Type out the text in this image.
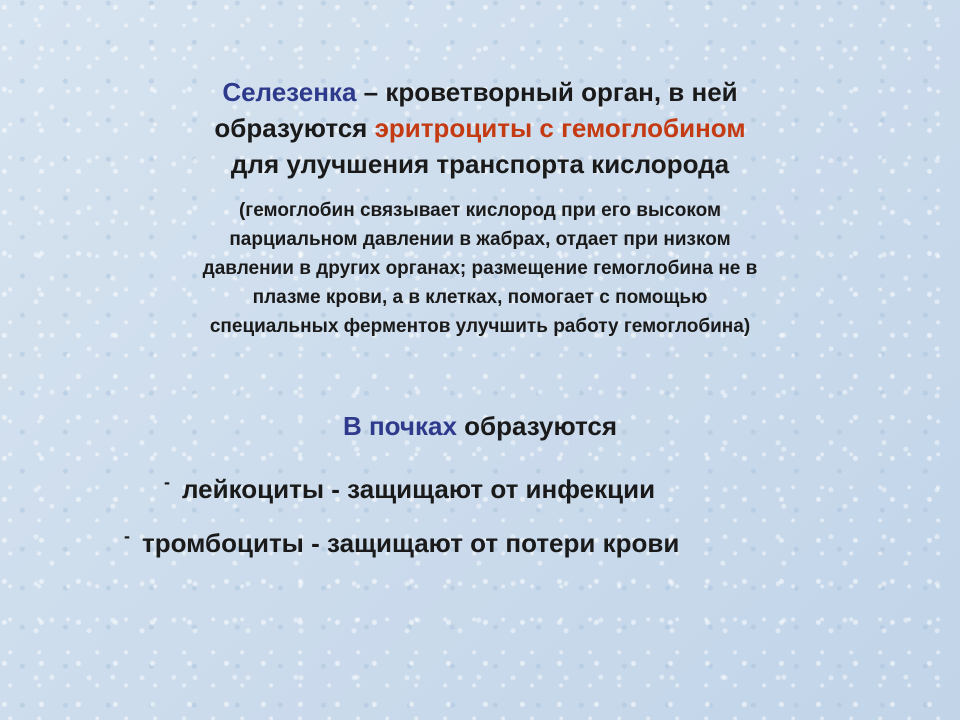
Селезенка – кроветворный орган, в ней
образуются эритроциты с гемоглобином
для улучшения транспорта кислорода

(гемоглобин связывает кислород при его высоком
парциальном давлении в жабрах, отдает при низком
давлении в других органах; размещение гемоглобина не в
плазме крови, а в клетках, помогает с помощью
специальных ферментов улучшить работу гемоглобина)

В почках образуются

- лейкоциты - защищают от инфекции
- тромбоциты - защищают от потери крови
